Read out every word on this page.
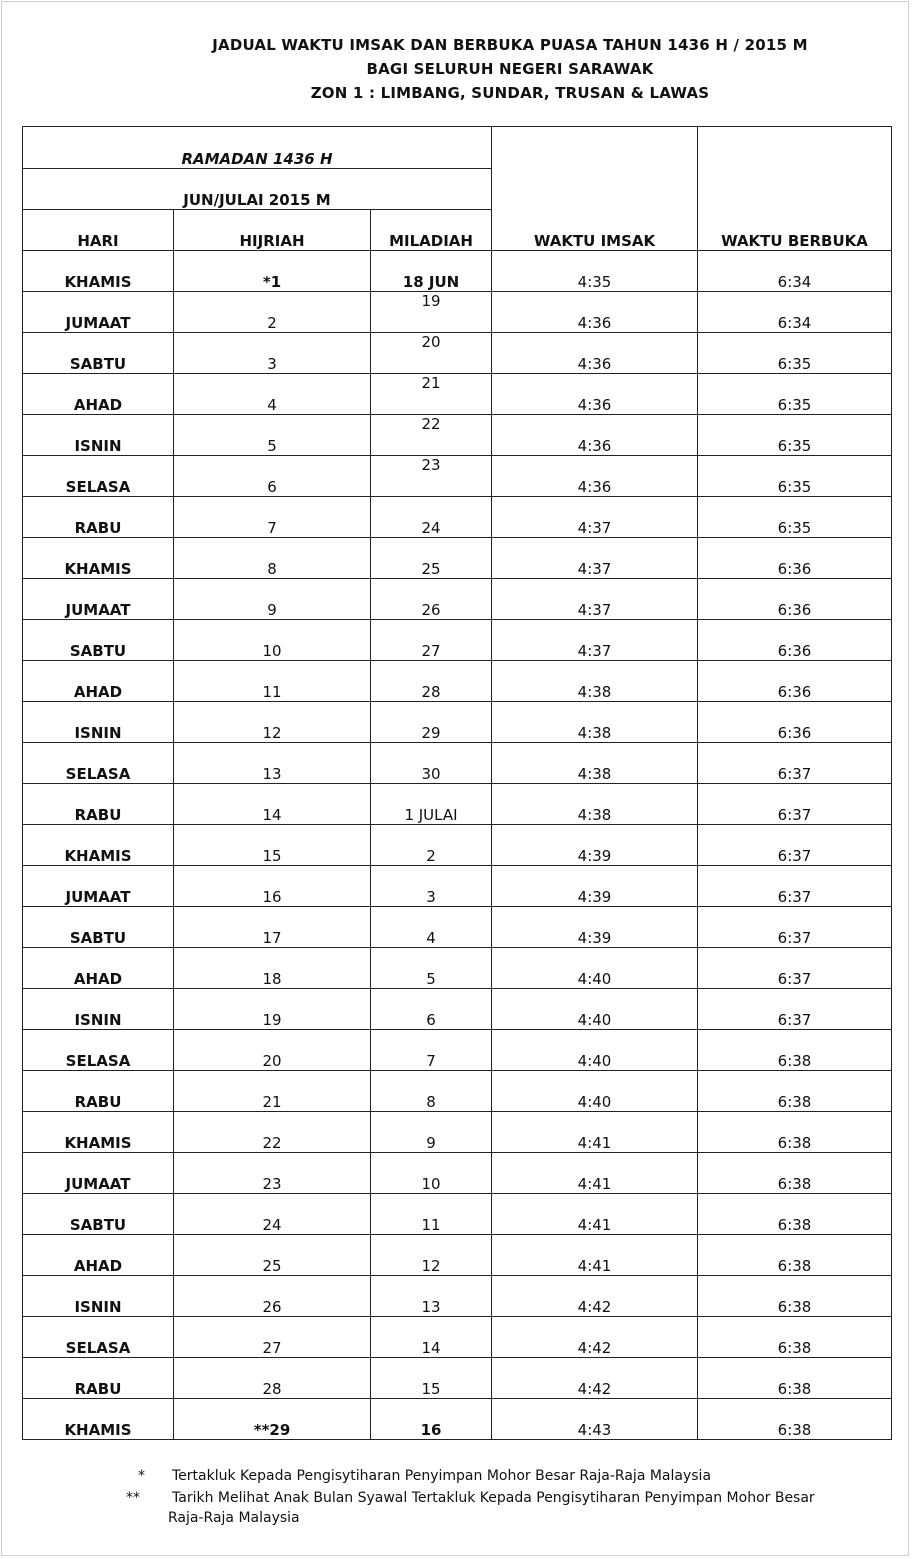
JADUAL WAKTU IMSAK DAN BERBUKA PUASA TAHUN 1436 H / 2015 M
BAGI SELURUH NEGERI SARAWAK
ZON 1 : LIMBANG, SUNDAR, TRUSAN & LAWAS
RAMADAN 1436 H			WAKTU IMSAK	WAKTU BERBUKA
JUN/JULAI 2015 M				
HARI	HIJRIAH	MILADIAH		
KHAMIS	*1	18 JUN	4:35	6:34
JUMAAT	2	19	4:36	6:34
SABTU	3	20	4:36	6:35
AHAD	4	21	4:36	6:35
ISNIN	5	22	4:36	6:35
SELASA	6	23	4:36	6:35
RABU	7	24	4:37	6:35
KHAMIS	8	25	4:37	6:36
JUMAAT	9	26	4:37	6:36
SABTU	10	27	4:37	6:36
AHAD	11	28	4:38	6:36
ISNIN	12	29	4:38	6:36
SELASA	13	30	4:38	6:37
RABU	14	1 JULAI	4:38	6:37
KHAMIS	15	2	4:39	6:37
JUMAAT	16	3	4:39	6:37
SABTU	17	4	4:39	6:37
AHAD	18	5	4:40	6:37
ISNIN	19	6	4:40	6:37
SELASA	20	7	4:40	6:38
RABU	21	8	4:40	6:38
KHAMIS	22	9	4:41	6:38
JUMAAT	23	10	4:41	6:38
SABTU	24	11	4:41	6:38
AHAD	25	12	4:41	6:38
ISNIN	26	13	4:42	6:38
SELASA	27	14	4:42	6:38
RABU	28	15	4:42	6:38
KHAMIS	**29	16	4:43	6:38
* Tertakluk Kepada Pengisytiharan Penyimpan Mohor Besar Raja-Raja Malaysia
** Tarikh Melihat Anak Bulan Syawal Tertakluk Kepada Pengisytiharan Penyimpan Mohor Besar
Raja-Raja Malaysia
